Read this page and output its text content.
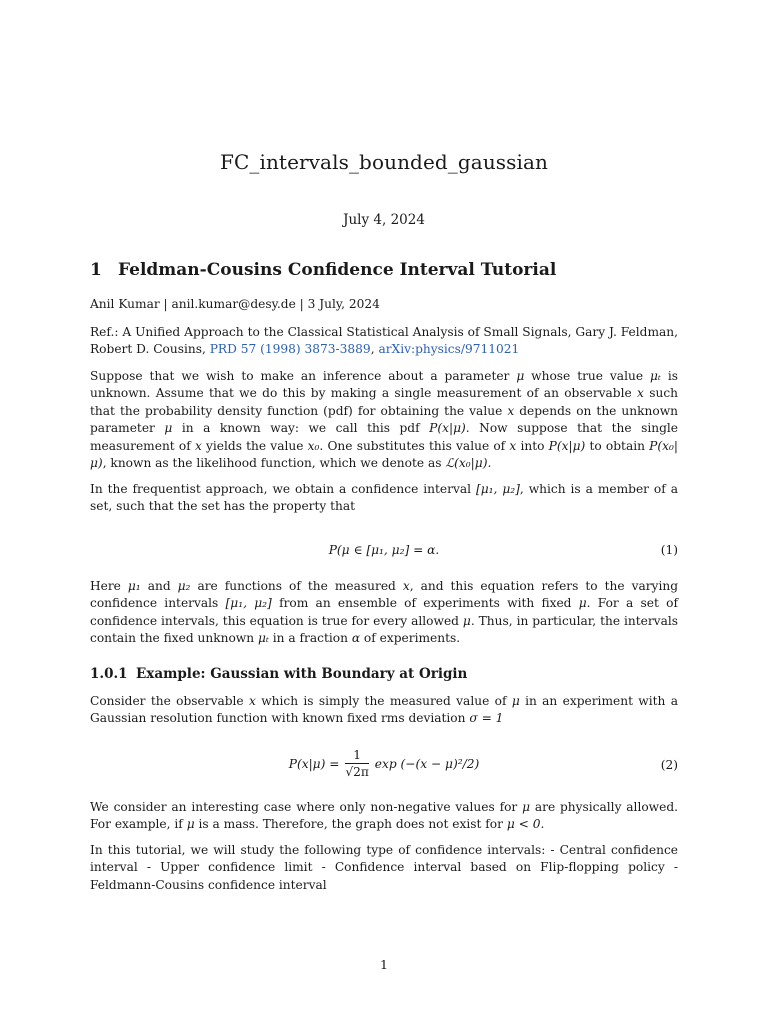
FC_intervals_bounded_gaussian
July 4, 2024
1 Feldman-Cousins Confidence Interval Tutorial
Anil Kumar | anil.kumar@desy.de | 3 July, 2024
Ref.: A Unified Approach to the Classical Statistical Analysis of Small Signals, Gary J. Feldman, Robert D. Cousins, PRD 57 (1998) 3873-3889, arXiv:physics/9711021
Suppose that we wish to make an inference about a parameter μ whose true value μₜ is unknown. Assume that we do this by making a single measurement of an observable x such that the probability density function (pdf) for obtaining the value x depends on the unknown parameter μ in a known way: we call this pdf P(x|μ). Now suppose that the single measurement of x yields the value x₀. One substitutes this value of x into P(x|μ) to obtain P(x₀|μ), known as the likelihood function, which we denote as ℒ(x₀|μ).
In the frequentist approach, we obtain a confidence interval [μ₁, μ₂], which is a member of a set, such that the set has the property that
P(μ ∈ [μ₁, μ₂] = α.	(1)
Here μ₁ and μ₂ are functions of the measured x, and this equation refers to the varying confidence intervals [μ₁, μ₂] from an ensemble of experiments with fixed μ. For a set of confidence intervals, this equation is true for every allowed μ. Thus, in particular, the intervals contain the fixed unknown μₜ in a fraction α of experiments.
1.0.1 Example: Gaussian with Boundary at Origin
Consider the observable x which is simply the measured value of μ in an experiment with a Gaussian resolution function with known fixed rms deviation σ = 1
$P(x|\mu) = \frac{1}{√2\pi}$ exp (−(x − μ)²/2)	(2)
We consider an interesting case where only non-negative values for μ are physically allowed. For example, if μ is a mass. Therefore, the graph does not exist for μ < 0.
In this tutorial, we will study the following type of confidence intervals: - Central confidence interval - Upper confidence limit - Confidence interval based on Flip-flopping policy - Feldmann-Cousins confidence interval
1
